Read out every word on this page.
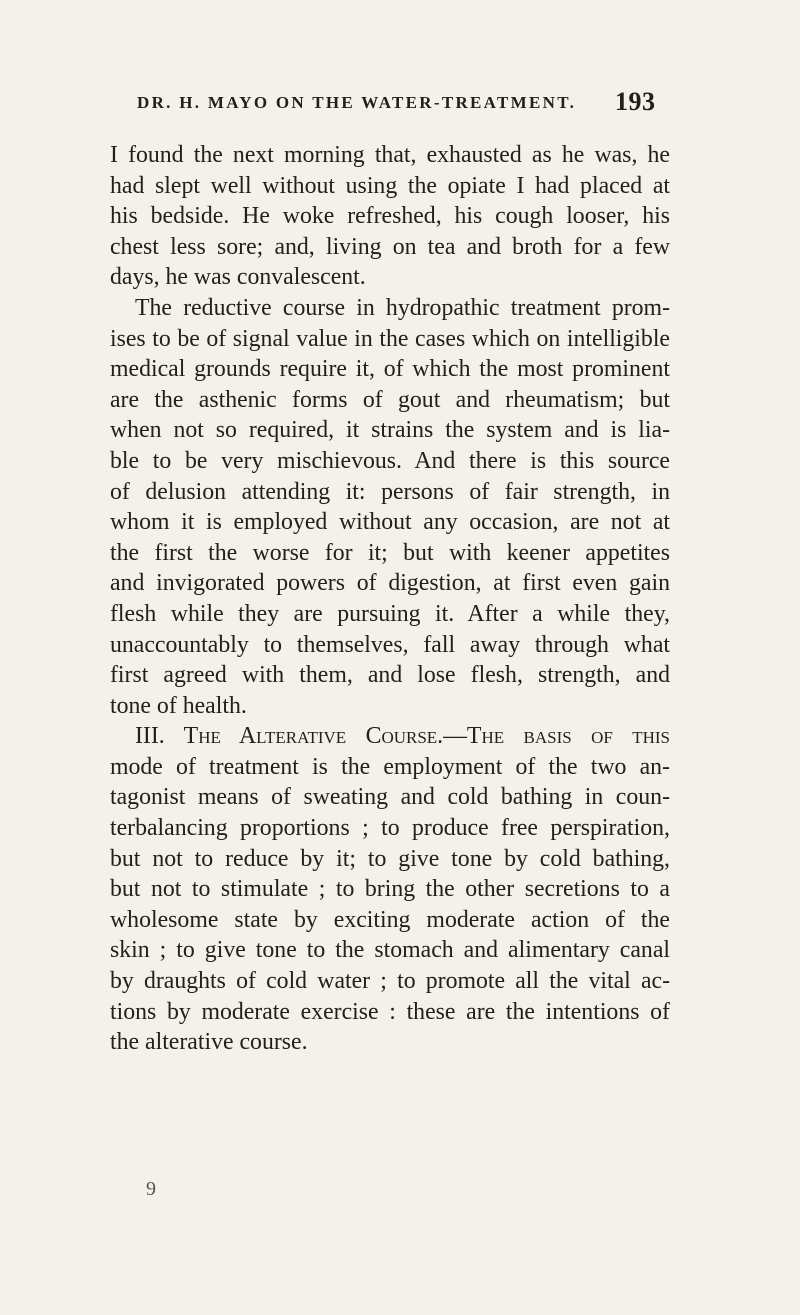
DR. H. MAYO ON THE WATER-TREATMENT. 193
I found the next morning that, exhausted as he was, he
had slept well without using the opiate I had placed at
his bedside. He woke refreshed, his cough looser, his
chest less sore; and, living on tea and broth for a few
days, he was convalescent.
The reductive course in hydropathic treatment prom-
ises to be of signal value in the cases which on intelligible
medical grounds require it, of which the most prominent
are the asthenic forms of gout and rheumatism; but
when not so required, it strains the system and is lia-
ble to be very mischievous. And there is this source
of delusion attending it: persons of fair strength, in
whom it is employed without any occasion, are not at
the first the worse for it; but with keener appetites
and invigorated powers of digestion, at first even gain
flesh while they are pursuing it. After a while they,
unaccountably to themselves, fall away through what
first agreed with them, and lose flesh, strength, and
tone of health.
III. The Alterative Course.—The basis of this
mode of treatment is the employment of the two an-
tagonist means of sweating and cold bathing in coun-
terbalancing proportions ; to produce free perspiration,
but not to reduce by it; to give tone by cold bathing,
but not to stimulate ; to bring the other secretions to a
wholesome state by exciting moderate action of the
skin ; to give tone to the stomach and alimentary canal
by draughts of cold water ; to promote all the vital ac-
tions by moderate exercise : these are the intentions of
the alterative course.
9
